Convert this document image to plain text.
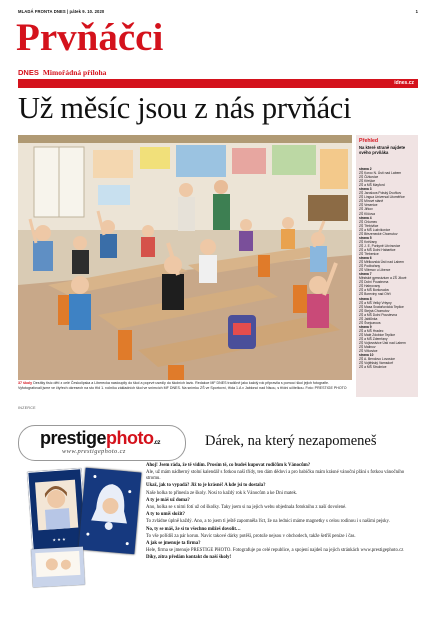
MLADÁ FRONTA DNES | pátek 9. 10. 2020	1
Prvňáčci
DNES Mimořádná příloha
idnes.cz
Už měsíc jsou z nás prvňáci
37 školy Desítky tisíc dětí z celé Českolipska a Liberecka nastoupily do škol a poprvé usedly do školních lavic. Redakce MF DNES tradičně jako každý rok připravila s pomocí škol jejich fotografie. Vyfotografovali jsme ve čtyřech okresech na sto tříd 1. ročníku základních škol ve snímcích MF DNES. Na snímku ZŠ ve Sportovní, třída 1.A v Jablonci nad Nisou, s třídní učitelkou. Foto: PRESTIGE PHOTO
Přehled
Na které straně najdete svého prvňáka
strana 2
ZŠ Koroc N. Ústí nad Labem
ZŠ Čižkovice
ZŠ Křešice
ZŠ a MŠ Mayford
strana 3
ZŠ Jarošova Polský Dvořkov
ZŠ Lingua Universal Litoměřice
ZŠ Mírové stáně
ZŠ Vesenice
ZŠ Jiřkov
ZŠ Klíčova
strana 4
ZŠ Chlumec
ZŠ Třebívlice
ZŠ a MŠ Ludvíkovice
ZŠ Březenecké Chomutov
strana 5
ZŠ Kněžany
ZŠ J. E. Purkyně Litvínovice
ZŠ a MŠ Dolní Habartice
ZŠ Třebenice
strana 6
ZŠ Mělkovská Ústí nad Labem
ZŠ Podbořany
ZŠ Vilémov u Liberce
strana 7
Městské gymnázium a ZŠ Jílové
ZŠ Dolní Poustevna
ZŠ Habrovany
ZŠ a MŠ Borkovalov
ZŠ Boreviny nad Ohří
strana 8
ZŠ a MŠ Velký Vrbyny
ZŠ Masa Svatoňovická Teplice
ZŠ Stejná Chomutov
ZŠ a MŠ Dolní Poustevna
ZŠ Jablůnka
ZŠ Švejcarova
strana 9
ZŠ a MŠ Hradec
ZŠ Malé Zdobice Teplice
ZŠ a MŠ Zdemřany
ZŠ Vojtovstvice Ústí nad Labem
ZŠ Malinov
ZŠ Vítkovice
strana 10
ZŠ A. Bendovo Lovosice
ZŠ Vojtěšský Varnsdorf
ZŠ a MŠ Stružnice
INZERCE
prestigephoto.cz
www.prestigephoto.cz
Dárek, na který nezapomeneš
★ ★ ★

Ahoj! Jsem ráda, že tě vidím. Prosím tě, co budeš kupovat rodičům k Vánocům?

Ale, už mám nádherný stolní kalendář s fotkou naší třídy, ten dám dědovi a pro babičku mám krásné vánoční přání s fotkou vánočního stromu.

Ukaž, jak to vypadá? Již to je krásné! A kde jsi to dostala?

Naše holka to přinesla ze školy. Nosí to každý rok k Vánocům a ke Dni matek.

A ty je máš už doma?

Ano, holka se s nimi fotí už od školky. Taky jsem si na jejich webu objednala fotoknihu z naší dovolené.

A ty to umíš složit?

To zvládne úplně každý. Ano, a to jsem ti ještě zapomněla říct, že na lednici máme magnetky s celou rodinou i s našimi pejsky.

No, ty se máš, že si to všechno můžeš dovolit…

To vše pořídíš za pár korun. Navíc takové dárky potěší, protože nejsou v obchodech, takže šetříš peníze i čas.

A jak se jmenuje ta firma?

Hele, firma se jmenuje PRESTIGE PHOTO. Fotografuje po celé republice, a spojení najdeš na jejich stránkách www.prestigephoto.cz

Díky, zítra předám kontakt do naší školy!
